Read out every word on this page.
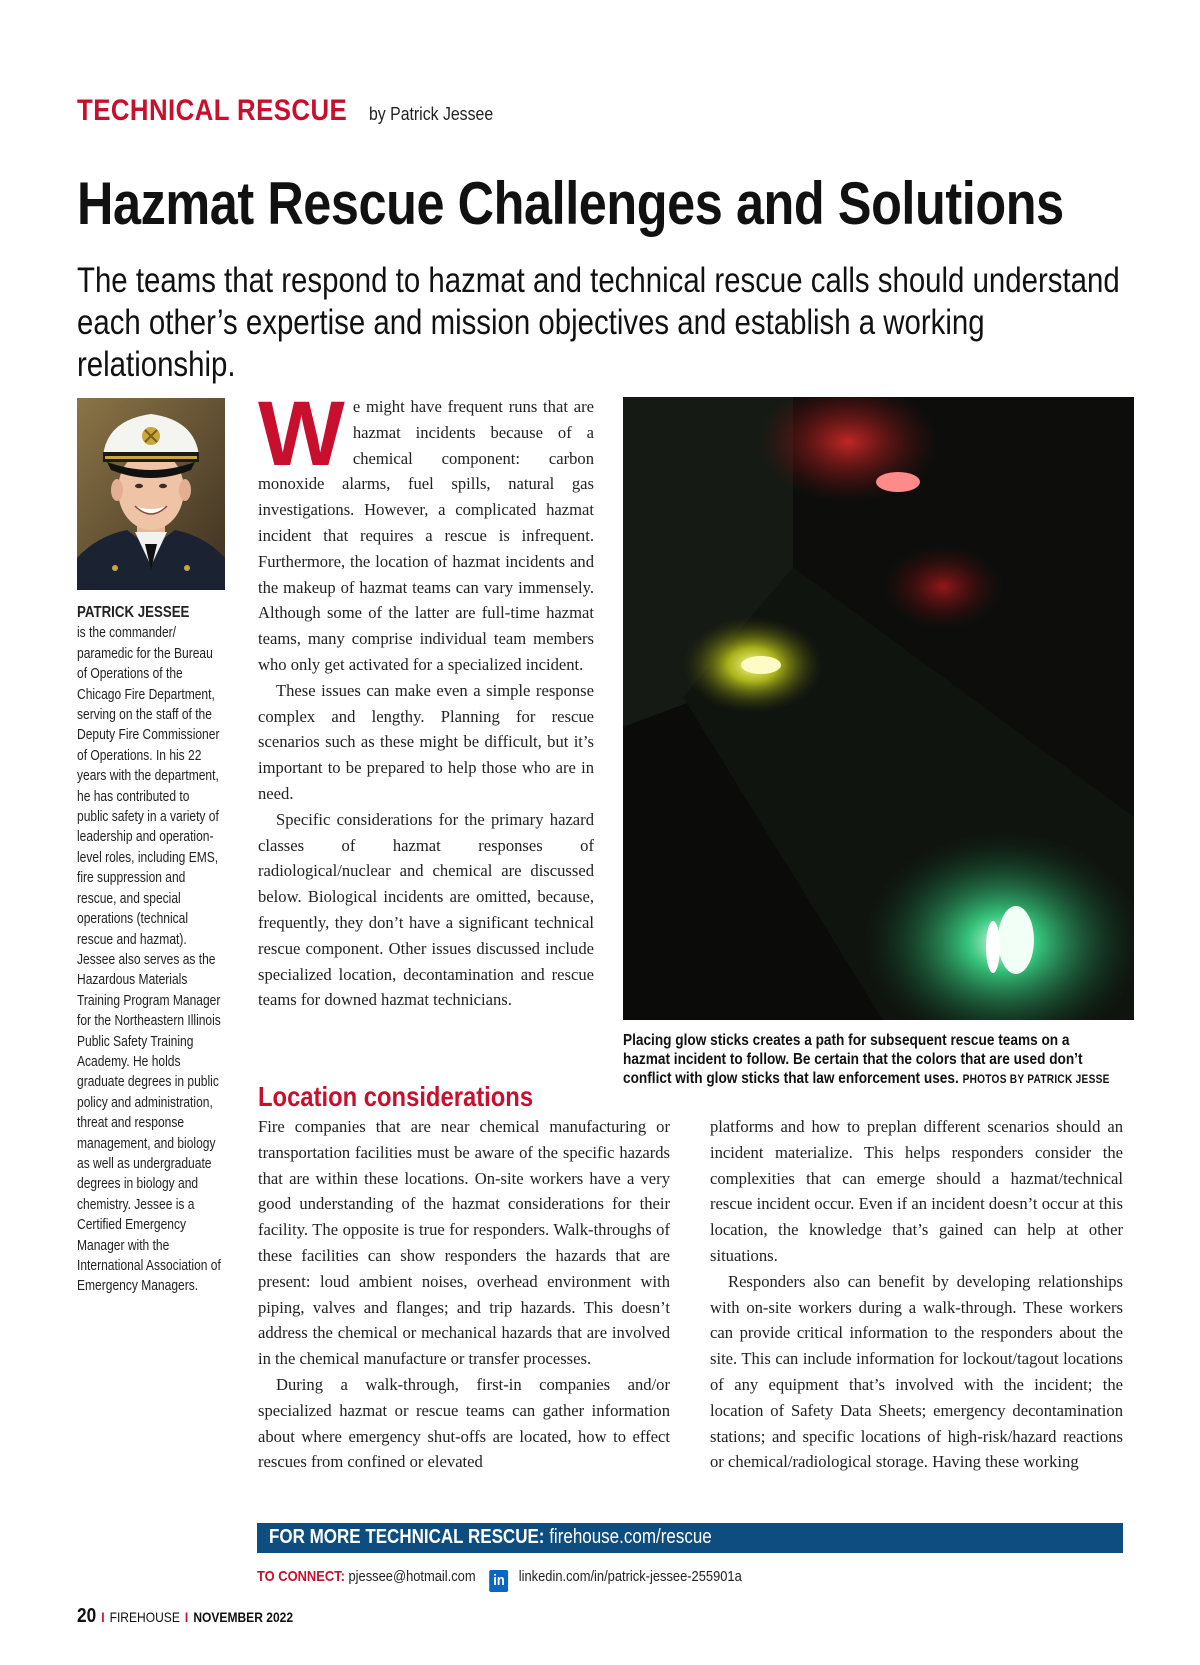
TECHNICAL RESCUE by Patrick Jessee
Hazmat Rescue Challenges and Solutions

The teams that respond to hazmat and technical rescue calls should understand each other’s expertise and mission objectives and establish a working relationship.

PATRICK JESSEE
is the commander/ paramedic for the Bureau of Operations of the Chicago Fire Department, serving on the staff of the Deputy Fire Commissioner of Operations. In his 22 years with the department, he has contributed to public safety in a variety of leadership and operation-level roles, including EMS, fire suppression and rescue, and special operations (technical rescue and hazmat). Jessee also serves as the Hazardous Materials Training Program Manager for the Northeastern Illinois Public Safety Training Academy. He holds graduate degrees in public policy and administration, threat and response management, and biology as well as undergraduate degrees in biology and chemistry. Jessee is a Certified Emergency Manager with the International Association of Emergency Managers.

We might have frequent runs that are hazmat incidents because of a chemical component: carbon monoxide alarms, fuel spills, natural gas investigations. However, a complicated hazmat incident that requires a rescue is infrequent. Furthermore, the location of hazmat incidents and the makeup of hazmat teams can vary immensely. Although some of the latter are full-time hazmat teams, many comprise individual team members who only get activated for a specialized incident.

These issues can make even a simple response complex and lengthy. Planning for rescue scenarios such as these might be difficult, but it’s important to be prepared to help those who are in need.

Specific considerations for the primary hazard classes of hazmat responses of radiological/nuclear and chemical are discussed below. Biological incidents are omitted, because, frequently, they don’t have a significant technical rescue component. Other issues discussed include specialized location, decontamination and rescue teams for downed hazmat technicians.

Placing glow sticks creates a path for subsequent rescue teams on a hazmat incident to follow. Be certain that the colors that are used don’t conflict with glow sticks that law enforcement uses. PHOTOS BY PATRICK JESSE
Location considerations

Fire companies that are near chemical manufacturing or transportation facilities must be aware of the specific hazards that are within these locations. On-site workers have a very good understanding of the hazmat considerations for their facility. The opposite is true for responders. Walk-throughs of these facilities can show responders the hazards that are present: loud ambient noises, overhead environment with piping, valves and flanges; and trip hazards. This doesn’t address the chemical or mechanical hazards that are involved in the chemical manufacture or transfer processes.

During a walk-through, first-in companies and/or specialized hazmat or rescue teams can gather information about where emergency shut-offs are located, how to effect rescues from confined or elevated

platforms and how to preplan different scenarios should an incident materialize. This helps responders consider the complexities that can emerge should a hazmat/technical rescue incident occur. Even if an incident doesn’t occur at this location, the knowledge that’s gained can help at other situations.

Responders also can benefit by developing relationships with on-site workers during a walk-through. These workers can provide critical information to the responders about the site. This can include information for lockout/tagout locations of any equipment that’s involved with the incident; the location of Safety Data Sheets; emergency decontamination stations; and specific locations of high-risk/hazard reactions or chemical/radiological storage. Having these working

FOR MORE TECHNICAL RESCUE: firehouse.com/rescue
TO CONNECT: pjessee@hotmail.com in linkedin.com/in/patrick-jessee-255901a
20 I FIREHOUSE I NOVEMBER 2022
